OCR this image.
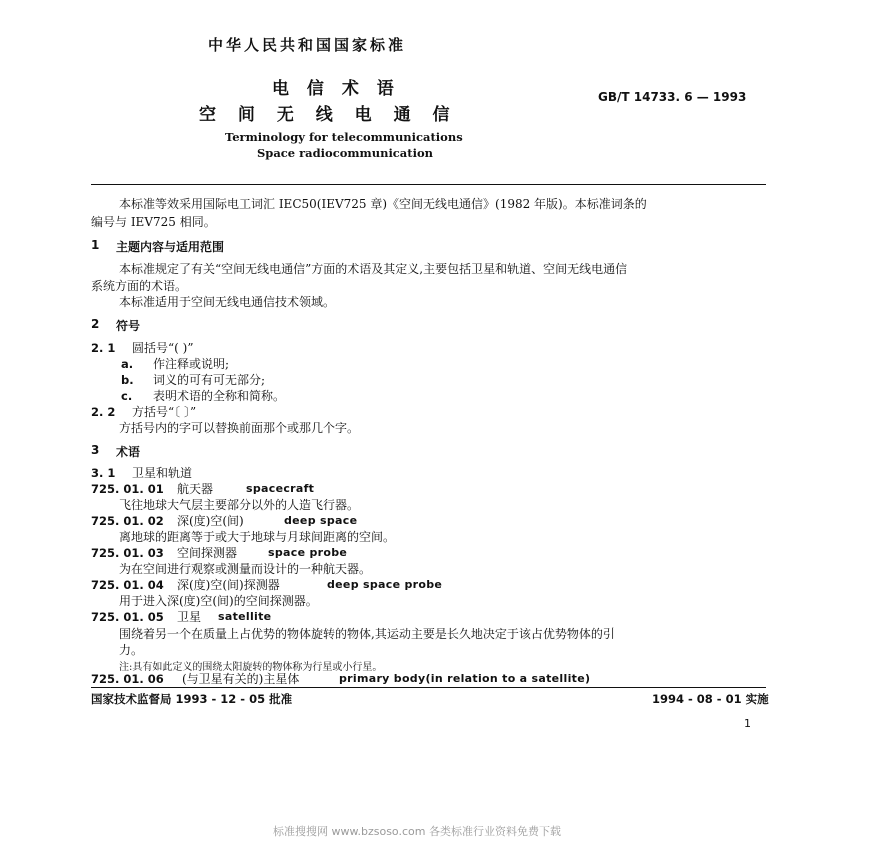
中华人民共和国国家标准
电 信 术 语
空 间 无 线 电 通 信
GB/T 14733. 6 — 1993
Terminology for telecommunications
Space radiocommunication
本标准等效采用国际电工词汇 IEC50(IEV725 章)《空间无线电通信》(1982 年版)。本标准词条的
编号与 IEV725 相同。
1 主题内容与适用范围
本标准规定了有关“空间无线电通信”方面的术语及其定义,主要包括卫星和轨道、空间无线电通信
系统方面的术语。
本标准适用于空间无线电通信技术领域。
2 符号
2. 1 圆括号“( )”
a. 作注释或说明;
b. 词义的可有可无部分;
c. 表明术语的全称和简称。
2. 2 方括号“〔 〕”
方括号内的字可以替换前面那个或那几个字。
3 术语
3. 1 卫星和轨道
725. 01. 01 航天器	spacecraft
飞往地球大气层主要部分以外的人造飞行器。
725. 01. 02 深(度)空(间)	deep space
离地球的距离等于或大于地球与月球间距离的空间。
725. 01. 03 空间探测器	space probe
为在空间进行观察或测量而设计的一种航天器。
725. 01. 04 深(度)空(间)探测器	deep space probe
用于进入深(度)空(间)的空间探测器。
725. 01. 05 卫星 satellite
围绕着另一个在质量上占优势的物体旋转的物体,其运动主要是长久地决定于该占优势物体的引
力。
注:具有如此定义的围绕太阳旋转的物体称为行星或小行星。
725. 01. 06 (与卫星有关的)主星体	primary body(in relation to a satellite)
国家技术监督局 1993 - 12 - 05 批准	1994 - 08 - 01 实施
1
标准搜搜网 www.bzsoso.com 各类标准行业资料免费下载
